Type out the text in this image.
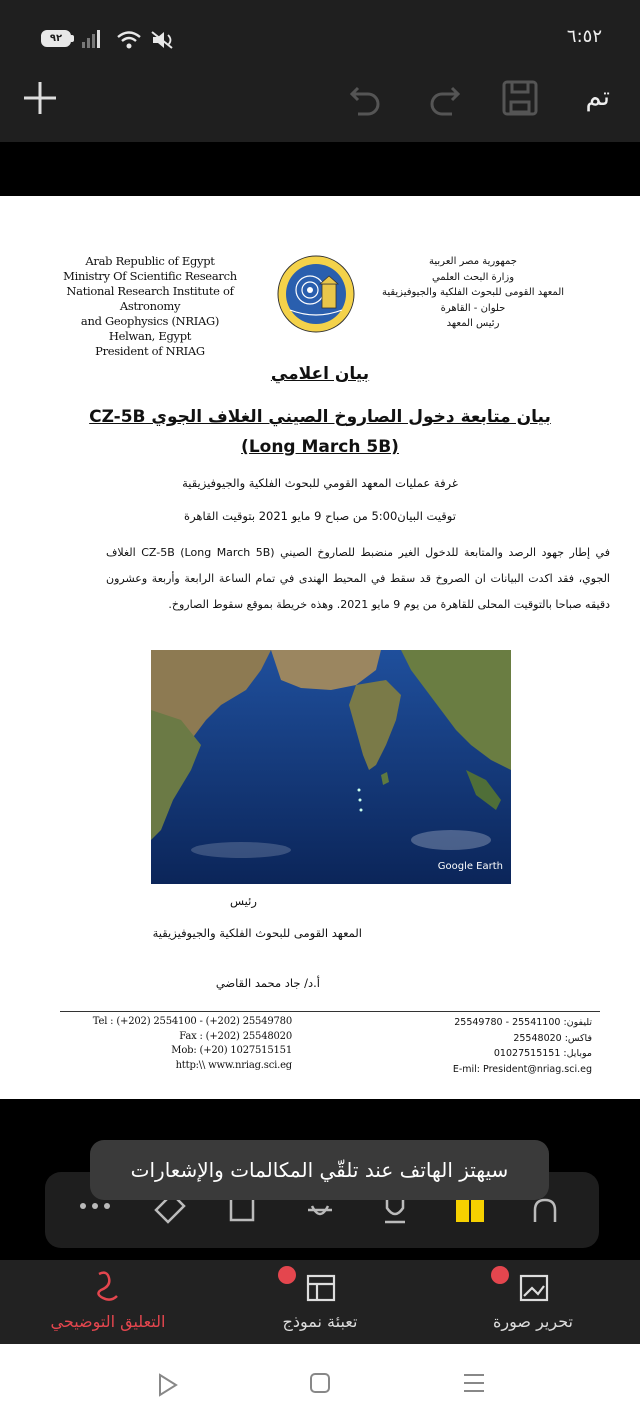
٩٢	٦:٥٢
تم
Arab Republic of Egypt
Ministry Of Scientific Research
National Research Institute of Astronomy
and Geophysics (NRIAG)
Helwan, Egypt
President of NRIAG
جمهورية مصر العربية
وزارة البحث العلمي
المعهد القومى للبحوث الفلكية والجيوفيزيقية
حلوان - القاهرة
رئيس المعهد
بيان اعلامي
بيان متابعة دخول الصاروخ الصيني الغلاف الجوي CZ-5B (Long March 5B)
غرفة عمليات المعهد القومي للبحوث الفلكية والجيوفيزيقية
توقيت البيان5:00 من صباح 9 مايو 2021 بتوقيت القاهرة
في إطار جهود الرصد والمتابعة للدخول الغير منضبط للصاروخ الصيني CZ-5B (Long March 5B) الغلاف الجوي، فقد اكدت البيانات ان الصروخ قد سقط في المحيط الهندى في تمام الساعة الرابعة وأربعة وعشرون دقيقه صباحا بالتوقيت المحلى للقاهرة من يوم 9 مايو 2021. وهذه خريطة بموقع سقوط الصاروخ.
Google Earth
رئيس
المعهد القومى للبحوث الفلكية والجيوفيزيقية
أ.د/ جاد محمد القاضي
Tel : (+202) 2554100 - (+202) 25549780
Fax : (+202) 25548020
Mob: (+20) 1027515151
http:\\ www.nriag.sci.eg
تليفون: 25541100 - 25549780
فاكس: 25548020
موبايل: 01027515151
E-mil: President@nriag.sci.eg
سيهتز الهاتف عند تلقّي المكالمات والإشعارات
التعليق التوضيحي	تعبئة نموذج	تحرير صورة
